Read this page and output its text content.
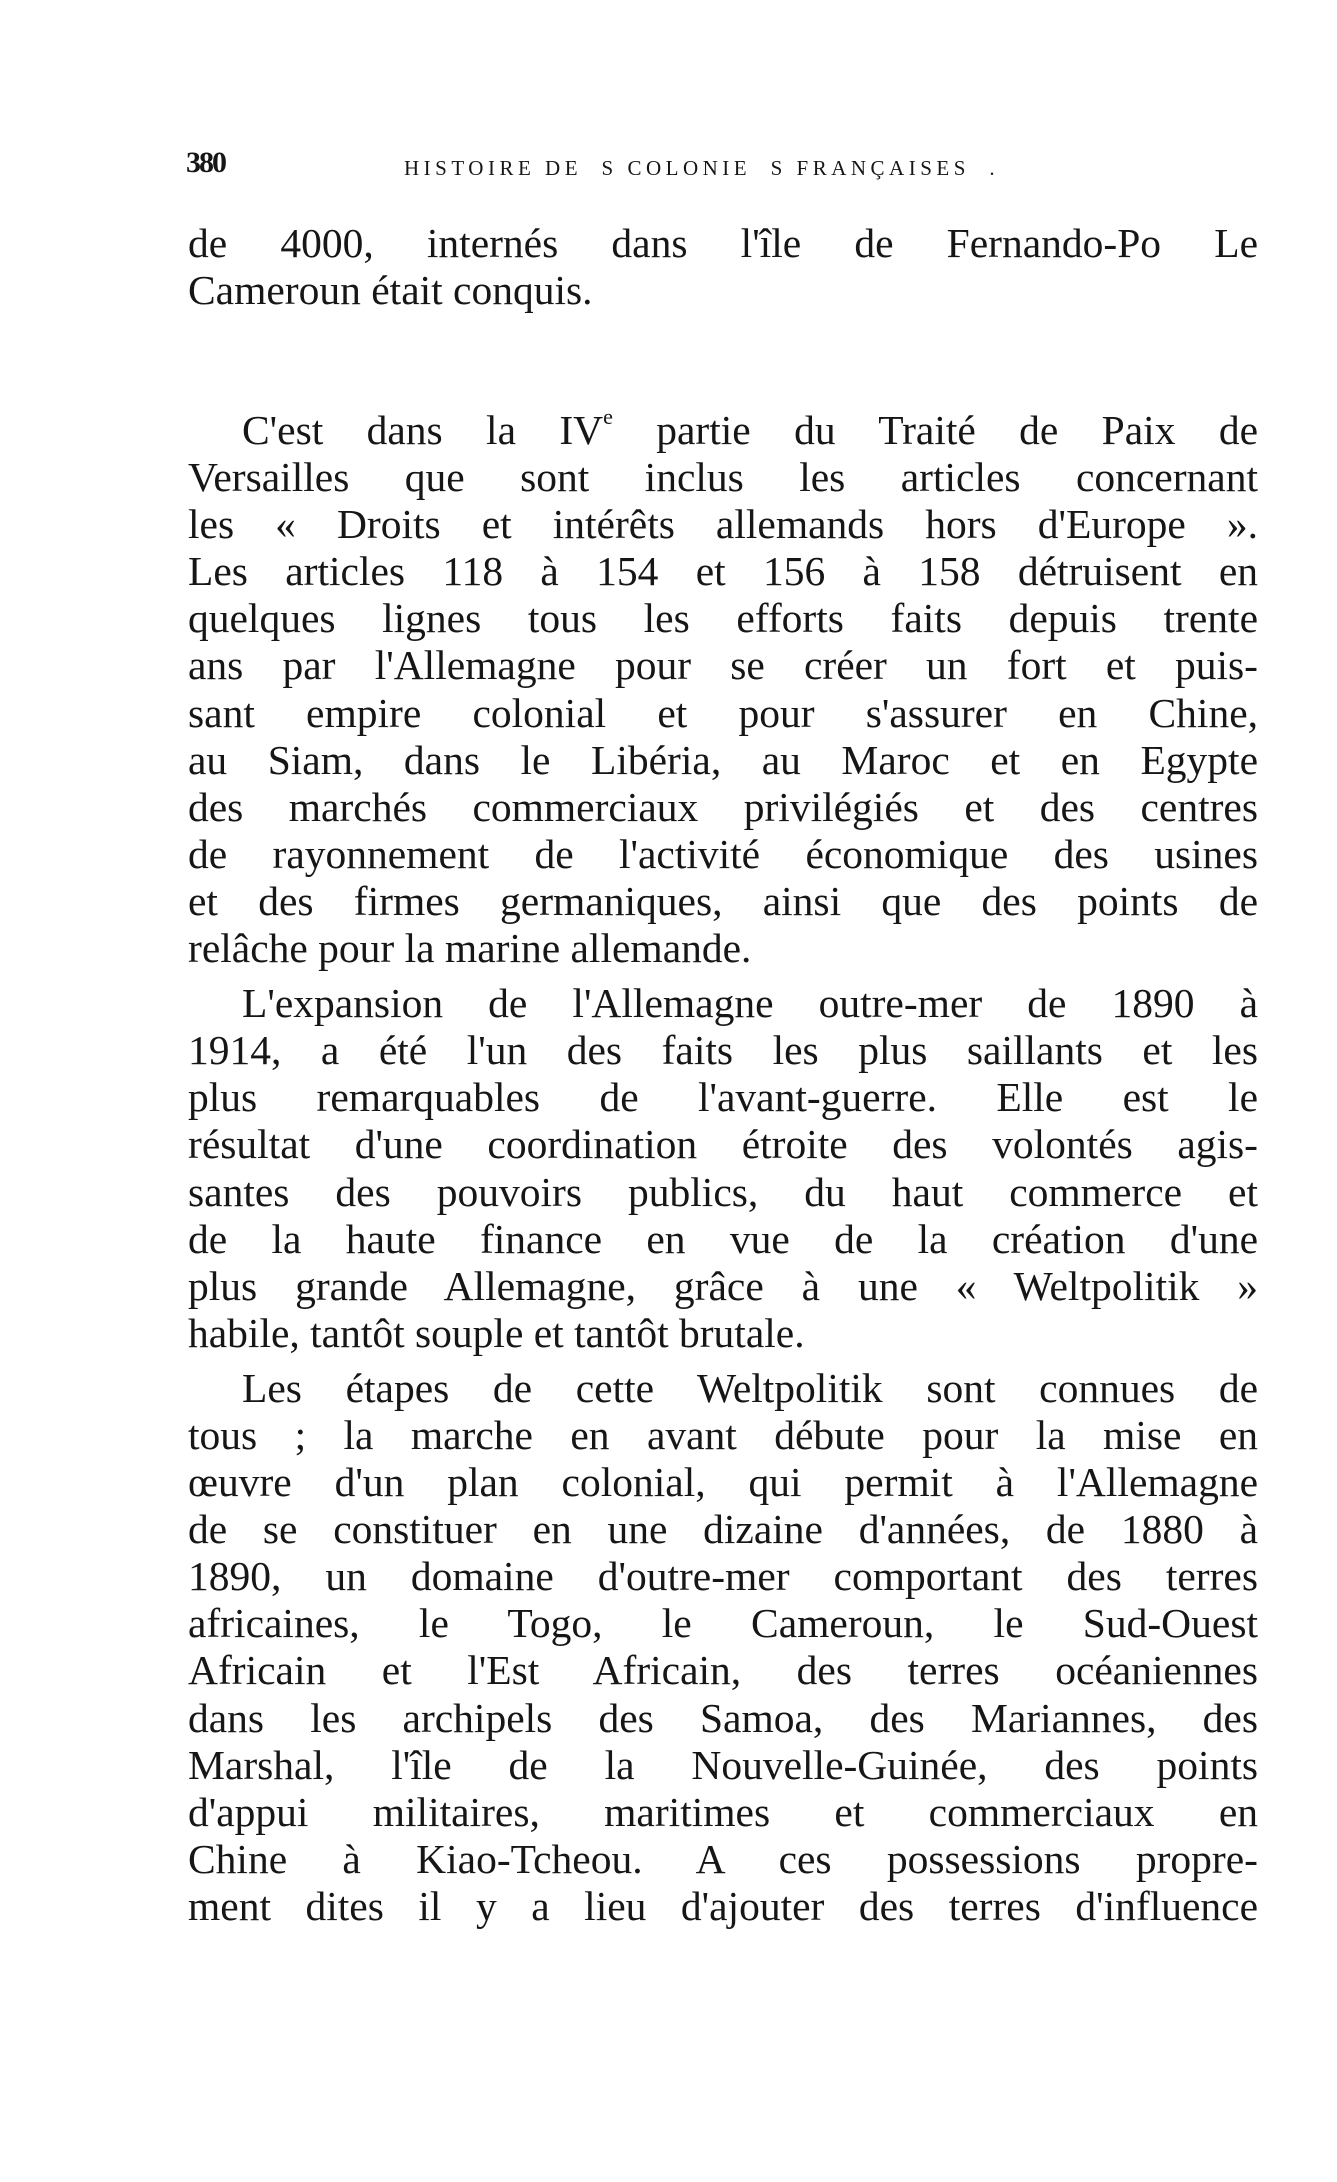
380	HISTOIRE DE  S COLONIE  S FRANÇAISES  .
de 4000, internés dans l'île de Fernando-Po Le
Cameroun était conquis.
C'est dans la IVe partie du Traité de Paix de
Versailles que sont inclus les articles concernant
les « Droits et intérêts allemands hors d'Europe ».
Les articles 118 à 154 et 156 à 158 détruisent en
quelques lignes tous les efforts faits depuis trente
ans par l'Allemagne pour se créer un fort et puis-
sant empire colonial et pour s'assurer en Chine,
au Siam, dans le Libéria, au Maroc et en Egypte
des marchés commerciaux privilégiés et des centres
de rayonnement de l'activité économique des usines
et des firmes germaniques, ainsi que des points de
relâche pour la marine allemande.
L'expansion de l'Allemagne outre-mer de 1890 à
1914, a été l'un des faits les plus saillants et les
plus remarquables de l'avant-guerre. Elle est le
résultat d'une coordination étroite des volontés agis-
santes des pouvoirs publics, du haut commerce et
de la haute finance en vue de la création d'une
plus grande Allemagne, grâce à une « Weltpolitik »
habile, tantôt souple et tantôt brutale.
Les étapes de cette Weltpolitik sont connues de
tous ; la marche en avant débute pour la mise en
œuvre d'un plan colonial, qui permit à l'Allemagne
de se constituer en une dizaine d'années, de 1880 à
1890, un domaine d'outre-mer comportant des terres
africaines, le Togo, le Cameroun, le Sud-Ouest
Africain et l'Est Africain, des terres océaniennes
dans les archipels des Samoa, des Mariannes, des
Marshal, l'île de la Nouvelle-Guinée, des points
d'appui militaires, maritimes et commerciaux en
Chine à Kiao-Tcheou. A ces possessions propre-
ment dites il y a lieu d'ajouter des terres d'influence
